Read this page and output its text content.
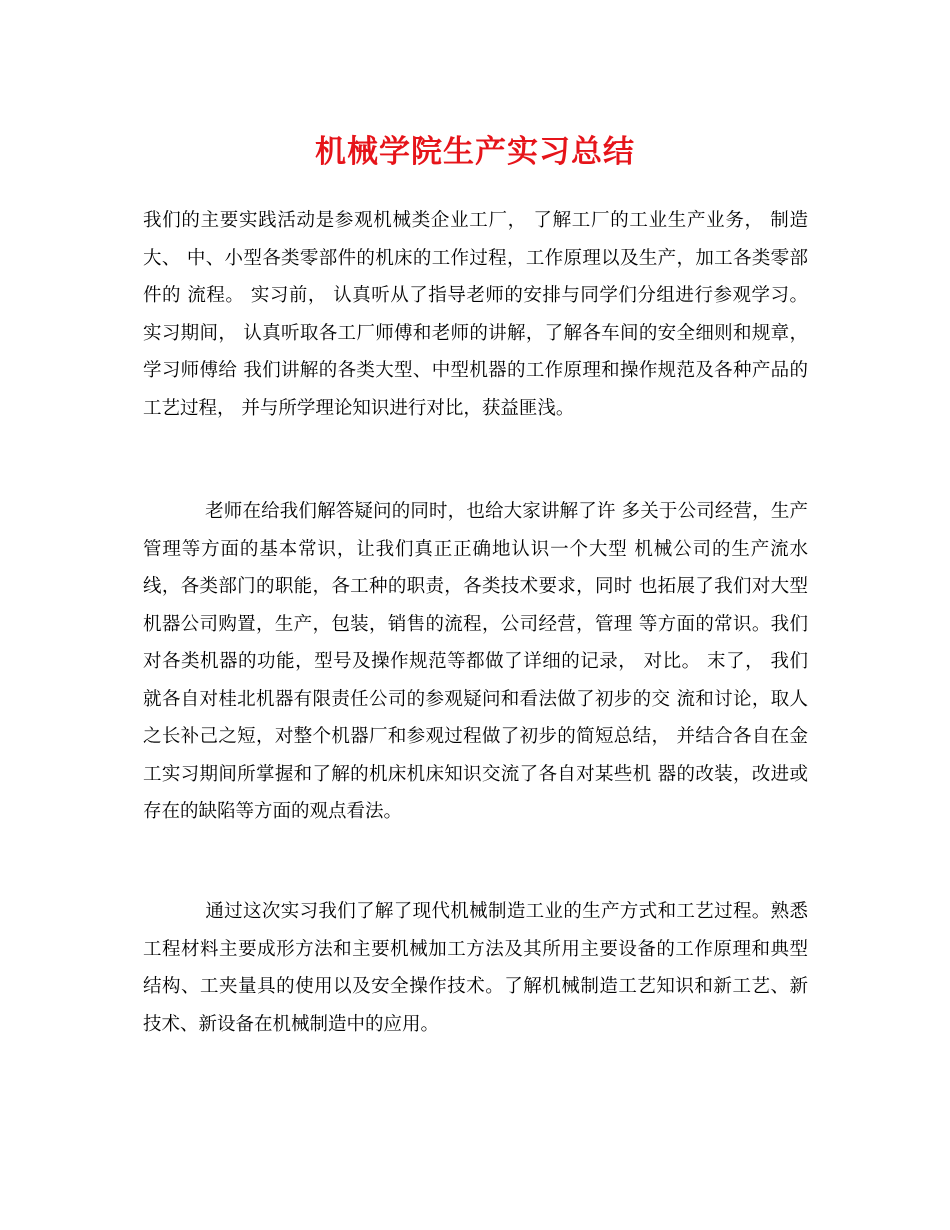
机械学院生产实习总结

我们的主要实践活动是参观机械类企业工厂， 了解工厂的工业生产业务， 制造大、 中、小型各类零部件的机床的工作过程，工作原理以及生产，加工各类零部件的 流程。 实习前， 认真听从了指导老师的安排与同学们分组进行参观学习。实习期间， 认真听取各工厂师傅和老师的讲解，了解各车间的安全细则和规章，学习师傅给 我们讲解的各类大型、中型机器的工作原理和操作规范及各种产品的工艺过程， 并与所学理论知识进行对比，获益匪浅。

老师在给我们解答疑问的同时，也给大家讲解了许 多关于公司经营，生产管理等方面的基本常识，让我们真正正确地认识一个大型 机械公司的生产流水线，各类部门的职能，各工种的职责，各类技术要求，同时 也拓展了我们对大型机器公司购置，生产，包装，销售的流程，公司经营，管理 等方面的常识。我们对各类机器的功能，型号及操作规范等都做了详细的记录， 对比。 末了， 我们就各自对桂北机器有限责任公司的参观疑问和看法做了初步的交 流和讨论，取人之长补己之短，对整个机器厂和参观过程做了初步的简短总结， 并结合各自在金工实习期间所掌握和了解的机床机床知识交流了各自对某些机 器的改装，改进或存在的缺陷等方面的观点看法。

通过这次实习我们了解了现代机械制造工业的生产方式和工艺过程。熟悉工程材料主要成形方法和主要机械加工方法及其所用主要设备的工作原理和典型结构、工夹量具的使用以及安全操作技术。了解机械制造工艺知识和新工艺、新技术、新设备在机械制造中的应用。
